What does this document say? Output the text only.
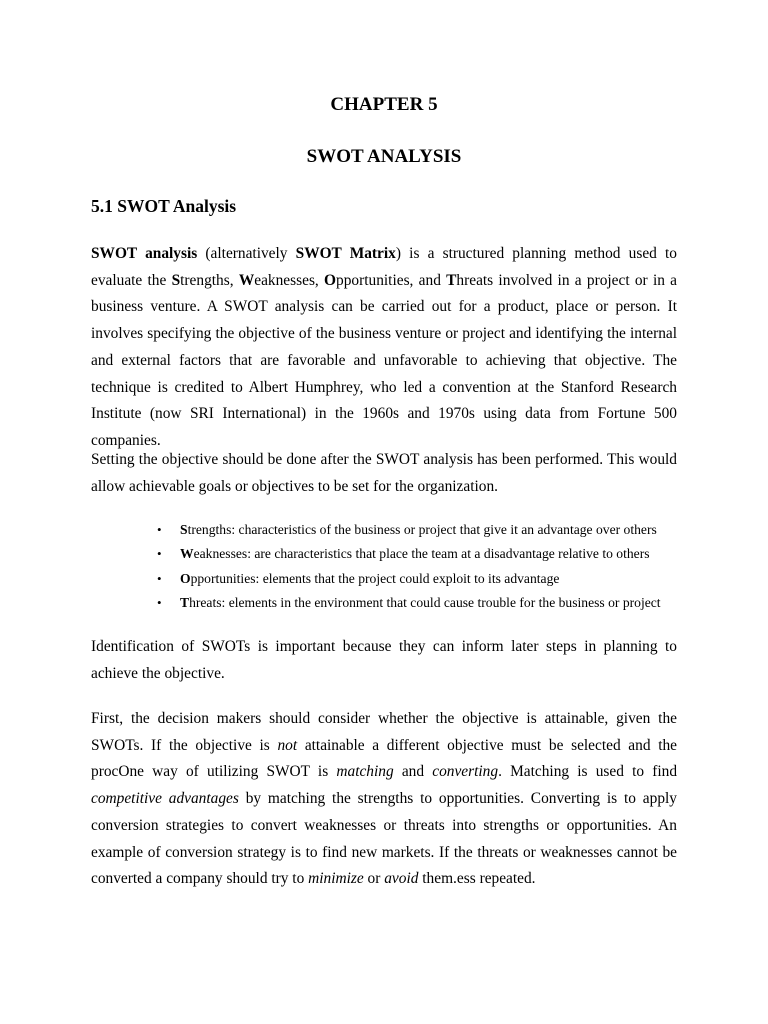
CHAPTER 5
SWOT ANALYSIS
5.1 SWOT Analysis

SWOT analysis (alternatively SWOT Matrix) is a structured planning method used to evaluate the Strengths, Weaknesses, Opportunities, and Threats involved in a project or in a business venture. A SWOT analysis can be carried out for a product, place or person. It involves specifying the objective of the business venture or project and identifying the internal and external factors that are favorable and unfavorable to achieving that objective. The technique is credited to Albert Humphrey, who led a convention at the Stanford Research Institute (now SRI International) in the 1960s and 1970s using data from Fortune 500 companies.

Setting the objective should be done after the SWOT analysis has been performed. This would allow achievable goals or objectives to be set for the organization.

• Strengths: characteristics of the business or project that give it an advantage over others
• Weaknesses: are characteristics that place the team at a disadvantage relative to others
• Opportunities: elements that the project could exploit to its advantage
• Threats: elements in the environment that could cause trouble for the business or project

Identification of SWOTs is important because they can inform later steps in planning to achieve the objective.

First, the decision makers should consider whether the objective is attainable, given the SWOTs. If the objective is not attainable a different objective must be selected and the procOne way of utilizing SWOT is matching and converting. Matching is used to find competitive advantages by matching the strengths to opportunities. Converting is to apply conversion strategies to convert weaknesses or threats into strengths or opportunities. An example of conversion strategy is to find new markets. If the threats or weaknesses cannot be converted a company should try to minimize or avoid them.ess repeated.
